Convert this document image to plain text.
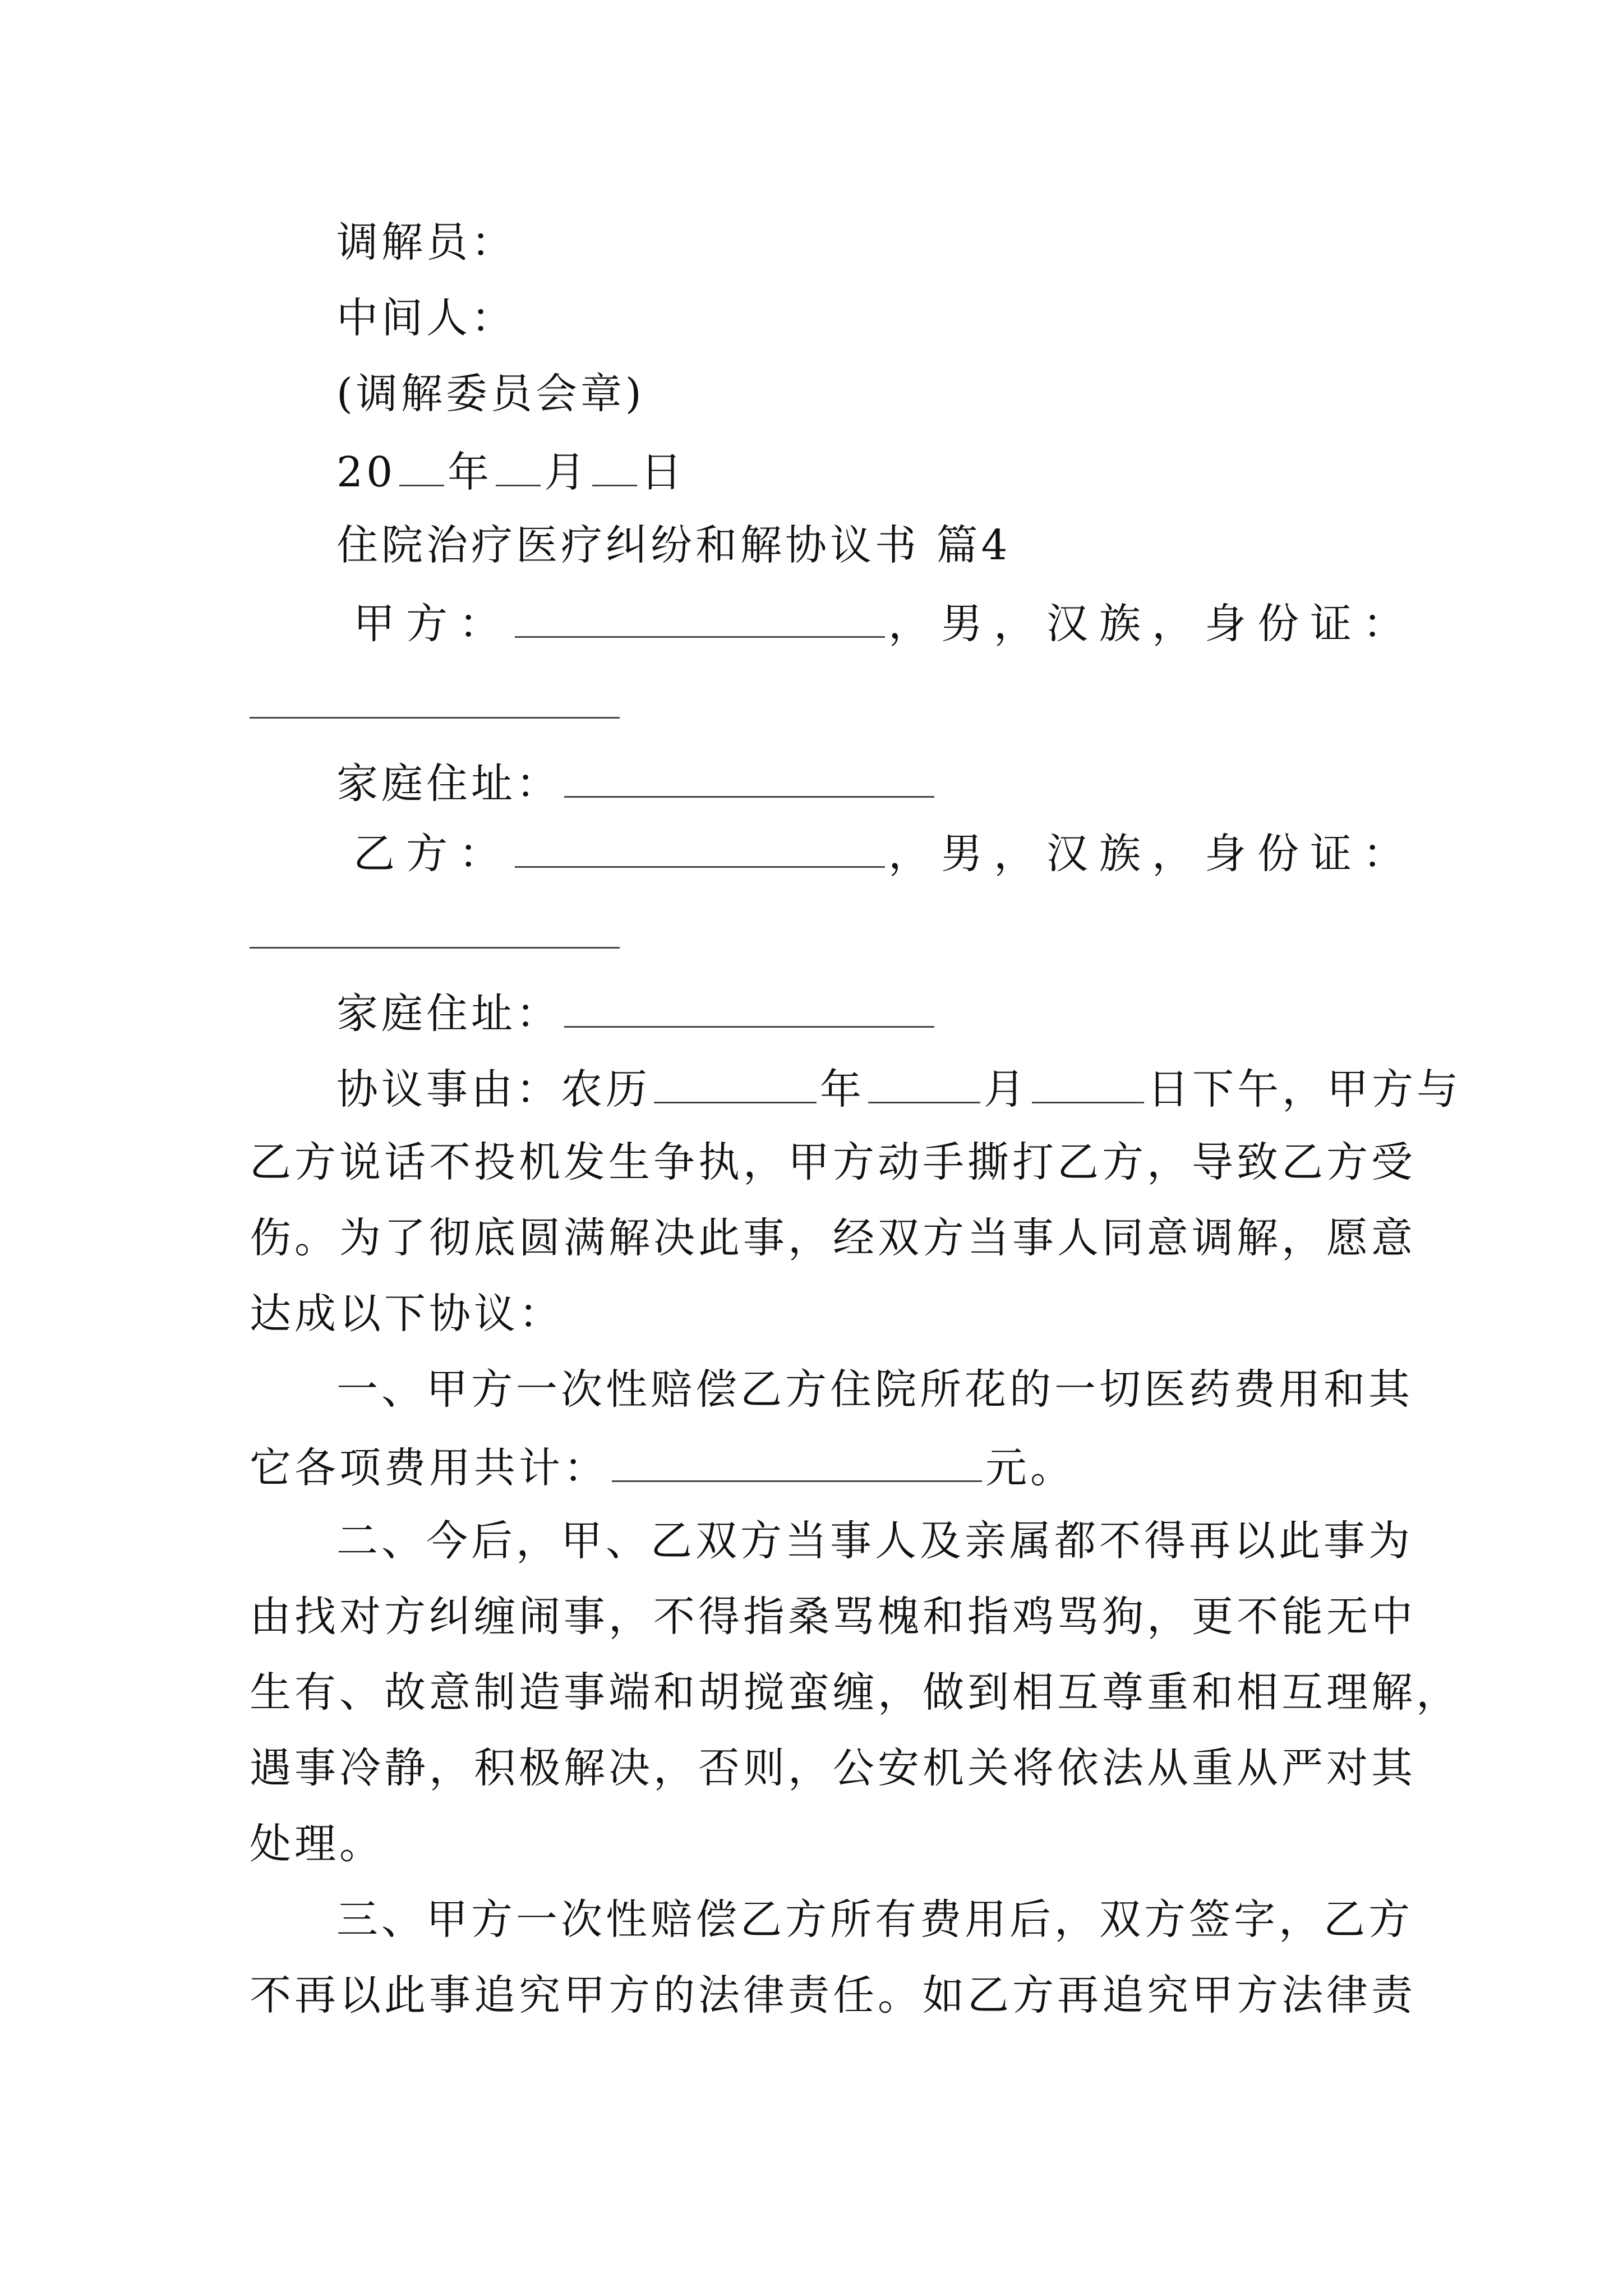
调解员：
中间人：
(调解委员会章)
20 年 月 日
住院治疗医疗纠纷和解协议书 篇4
甲方：	，男，汉族，身份证：
家庭住址：
乙方：	，男，汉族，身份证：
家庭住址：
协议事由：农历	年	月	日下午，甲方与
乙方说话不投机发生争执，甲方动手撕打乙方，导致乙方受
伤。为了彻底圆满解决此事，经双方当事人同意调解，愿意
达成以下协议：
一、甲方一次性赔偿乙方住院所花的一切医药费用和其
它各项费用共计：	元。
二、今后，甲、乙双方当事人及亲属都不得再以此事为
由找对方纠缠闹事，不得指桑骂槐和指鸡骂狗，更不能无中
生有、故意制造事端和胡搅蛮缠，做到相互尊重和相互理解，
遇事冷静，积极解决，否则，公安机关将依法从重从严对其
处理。
三、甲方一次性赔偿乙方所有费用后，双方签字，乙方
不再以此事追究甲方的法律责任。如乙方再追究甲方法律责
